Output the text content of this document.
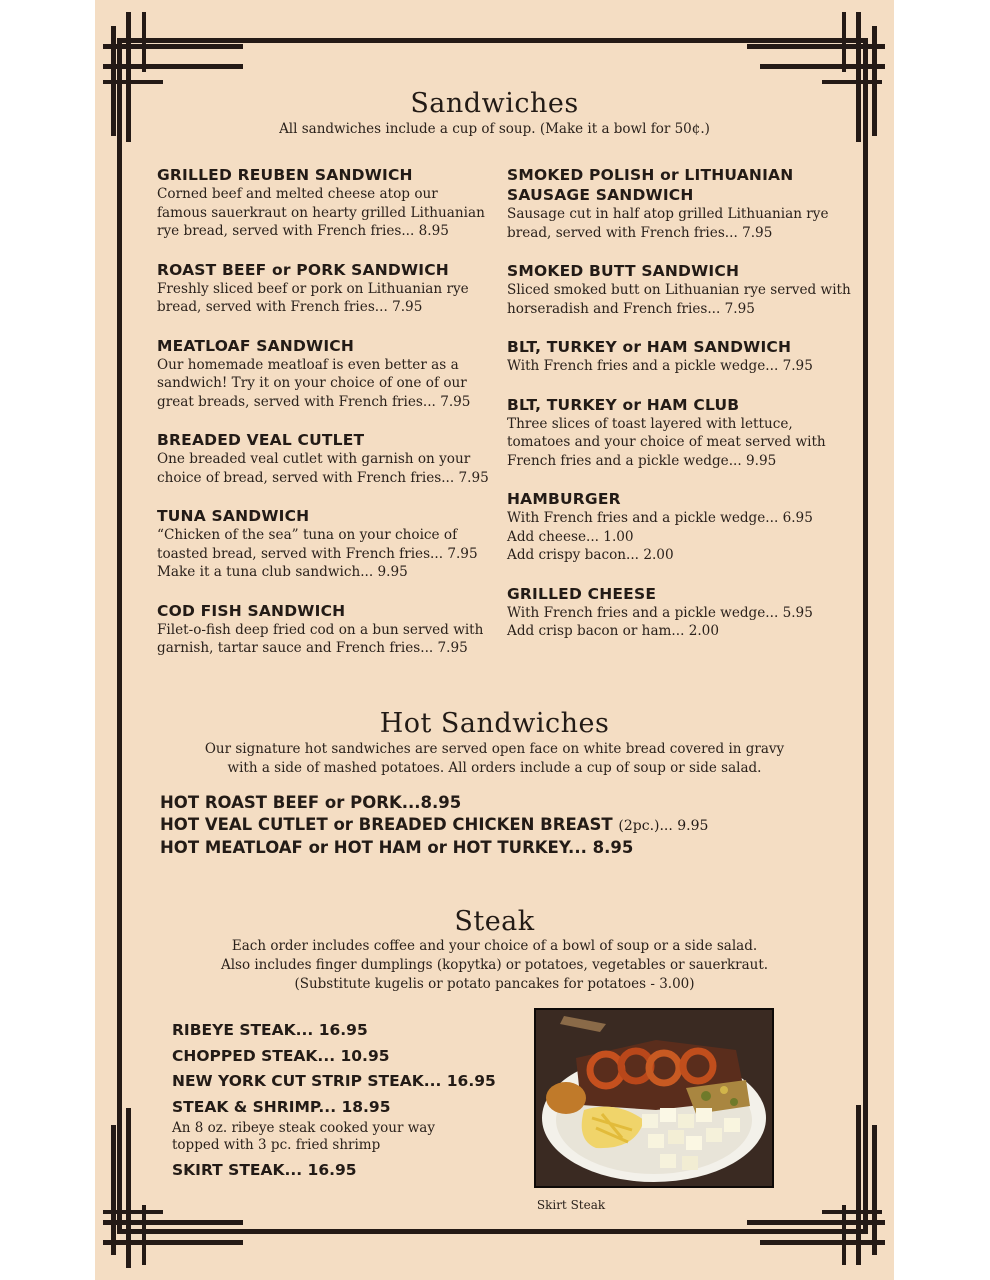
Sandwiches
All sandwiches include a cup of soup. (Make it a bowl for 50¢.)
GRILLED REUBEN SANDWICH
Corned beef and melted cheese atop our
famous sauerkraut on hearty grilled Lithuanian
rye bread, served with French fries... 8.95
ROAST BEEF or PORK SANDWICH
Freshly sliced beef or pork on Lithuanian rye
bread, served with French fries... 7.95
MEATLOAF SANDWICH
Our homemade meatloaf is even better as a
sandwich! Try it on your choice of one of our
great breads, served with French fries... 7.95
BREADED VEAL CUTLET
One breaded veal cutlet with garnish on your
choice of bread, served with French fries... 7.95
TUNA SANDWICH
“Chicken of the sea” tuna on your choice of
toasted bread, served with French fries... 7.95
Make it a tuna club sandwich... 9.95
COD FISH SANDWICH
Filet-o-fish deep fried cod on a bun served with
garnish, tartar sauce and French fries... 7.95
SMOKED POLISH or LITHUANIAN
SAUSAGE SANDWICH
Sausage cut in half atop grilled Lithuanian rye
bread, served with French fries... 7.95
SMOKED BUTT SANDWICH
Sliced smoked butt on Lithuanian rye served with
horseradish and French fries... 7.95
BLT, TURKEY or HAM SANDWICH
With French fries and a pickle wedge... 7.95
BLT, TURKEY or HAM CLUB
Three slices of toast layered with lettuce,
tomatoes and your choice of meat served with
French fries and a pickle wedge... 9.95
HAMBURGER
With French fries and a pickle wedge... 6.95
Add cheese... 1.00
Add crispy bacon... 2.00
GRILLED CHEESE
With French fries and a pickle wedge... 5.95
Add crisp bacon or ham... 2.00
Hot Sandwiches
Our signature hot sandwiches are served open face on white bread covered in gravy
with a side of mashed potatoes. All orders include a cup of soup or side salad.
HOT ROAST BEEF or PORK...8.95
HOT VEAL CUTLET or BREADED CHICKEN BREAST (2pc.)... 9.95
HOT MEATLOAF or HOT HAM or HOT TURKEY... 8.95
Steak
Each order includes coffee and your choice of a bowl of soup or a side salad.
Also includes finger dumplings (kopytka) or potatoes, vegetables or sauerkraut.
(Substitute kugelis or potato pancakes for potatoes - 3.00)
RIBEYE STEAK... 16.95
CHOPPED STEAK... 10.95
NEW YORK CUT STRIP STEAK... 16.95
STEAK & SHRIMP... 18.95
An 8 oz. ribeye steak cooked your way
topped with 3 pc. fried shrimp
SKIRT STEAK... 16.95
Skirt Steak
